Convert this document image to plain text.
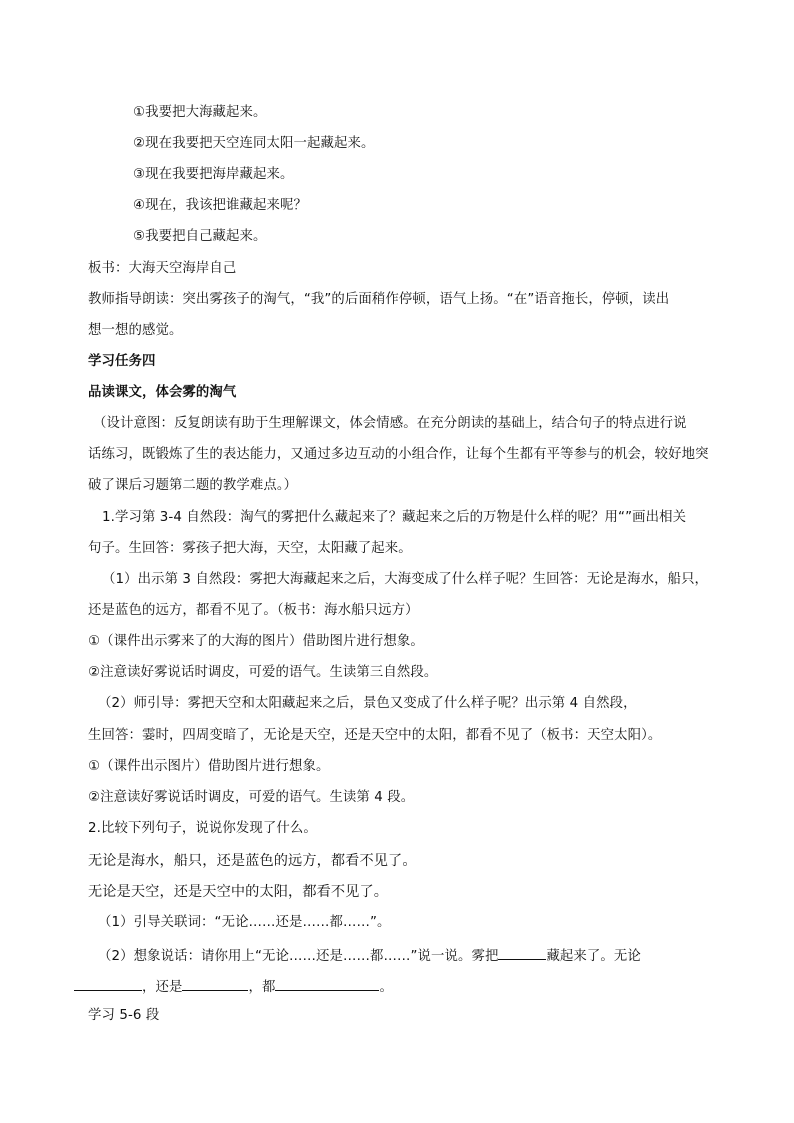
①我要把大海藏起来。
②现在我要把天空连同太阳一起藏起来。
③现在我要把海岸藏起来。
④现在，我该把谁藏起来呢？
⑤我要把自己藏起来。
板书：大海天空海岸自己
教师指导朗读：突出雾孩子的淘气，“我”的后面稍作停顿，语气上扬。“在”语音拖长，停顿，读出
想一想的感觉。
学习任务四
品读课文，体会雾的淘气
（设计意图：反复朗读有助于生理解课文，体会情感。在充分朗读的基础上，结合句子的特点进行说
话练习，既锻炼了生的表达能力，又通过多边互动的小组合作，让每个生都有平等参与的机会，较好地突
破了课后习题第二题的教学难点。）
1.学习第 3-4 自然段：淘气的雾把什么藏起来了？藏起来之后的万物是什么样的呢？用“”画出相关
句子。生回答：雾孩子把大海，天空，太阳藏了起来。
（1）出示第 3 自然段：雾把大海藏起来之后，大海变成了什么样子呢？生回答：无论是海水，船只，
还是蓝色的远方，都看不见了。（板书：海水船只远方）
①（课件出示雾来了的大海的图片）借助图片进行想象。
②注意读好雾说话时调皮，可爱的语气。生读第三自然段。
（2）师引导：雾把天空和太阳藏起来之后，景色又变成了什么样子呢？出示第 4 自然段，
生回答：霎时，四周变暗了，无论是天空，还是天空中的太阳，都看不见了（板书：天空太阳）。
①（课件出示图片）借助图片进行想象。
②注意读好雾说话时调皮，可爱的语气。生读第 4 段。
2.比较下列句子，说说你发现了什么。
无论是海水，船只，还是蓝色的远方，都看不见了。
无论是天空，还是天空中的太阳，都看不见了。
（1）引导关联词：“无论……还是……都……”。
（2）想象说话：请你用上“无论……还是……都……”说一说。雾把	藏起来了。无论
，还是	，都	。
学习 5-6 段
